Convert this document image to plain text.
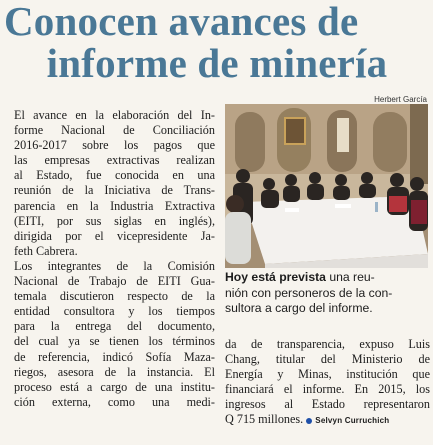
Conocen avances de
informe de minería

El avance en la elaboración del In-
forme Nacional de Conciliación
2016-2017 sobre los pagos que
las empresas extractivas realizan
al Estado, fue conocida en una
reunión de la Iniciativa de Trans-
parencia en la Industria Extractiva
(EITI, por sus siglas en inglés),
dirigida por el vicepresidente Ja-
feth Cabrera.

Los integrantes de la Comisión
Nacional de Trabajo de EITI Gua-
temala discutieron respecto de la
entidad consultora y los tiempos
para la entrega del documento,
del cual ya se tienen los términos
de referencia, indicó Sofía Maza-
riegos, asesora de la instancia. El
proceso está a cargo de una institu-
ción externa, como una medi-

Herbert García
Hoy está prevista una reu-
nión con personeros de la con-
sultora a cargo del informe.
da de transparencia, expuso Luis
Chang, titular del Ministerio de
Energía y Minas, institución que
financiará el informe. En 2015, los
ingresos al Estado representaron
Q 715 millones. Selvyn Curruchich
